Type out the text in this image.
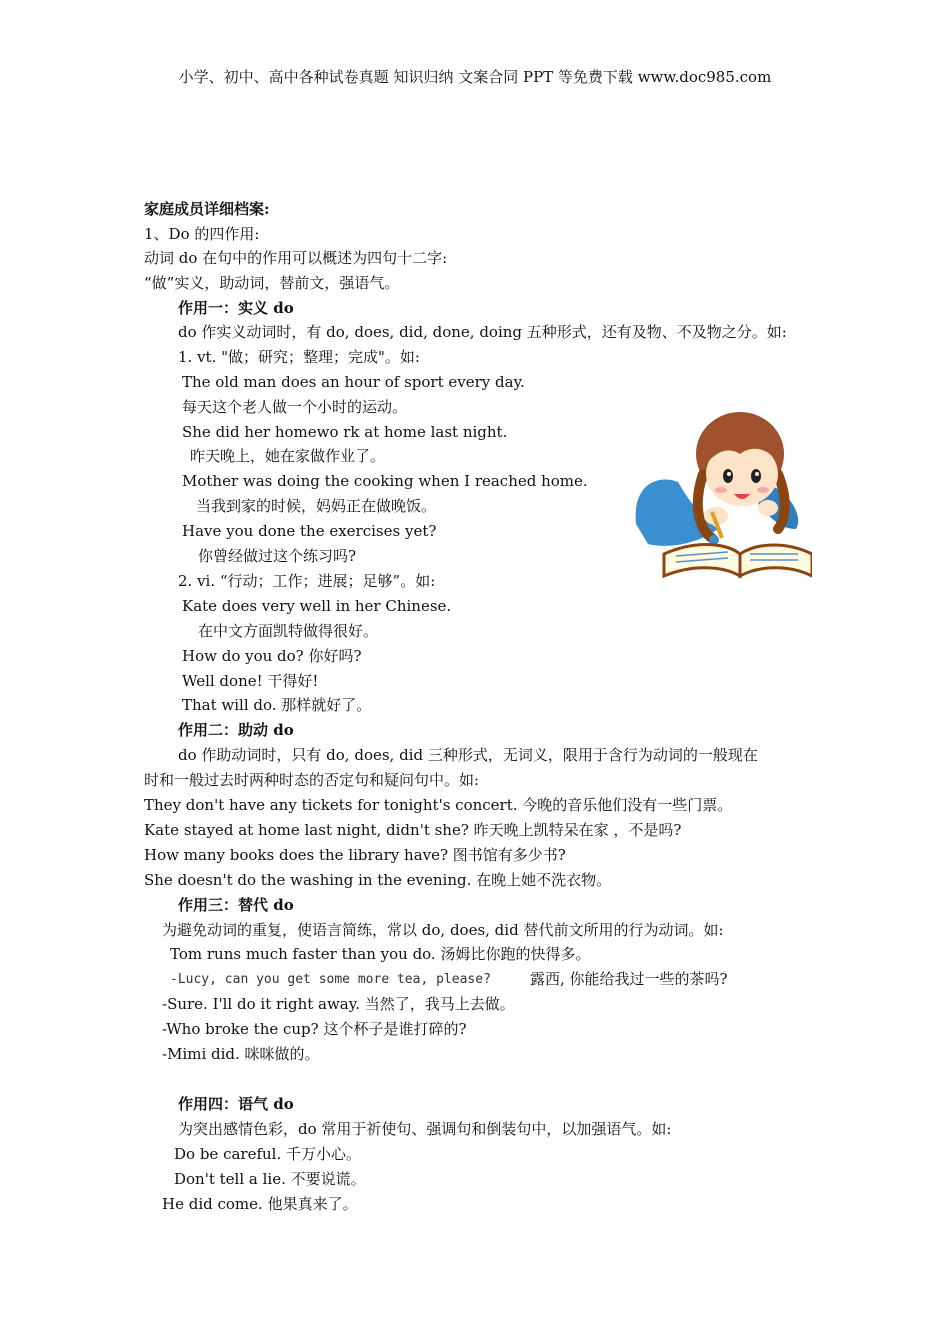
小学、初中、高中各种试卷真题 知识归纳 文案合同 PPT 等免费下载 www.doc985.com
家庭成员详细档案:
1、Do 的四作用:
动词 do 在句中的作用可以概述为四句十二字:
“做”实义，助动词，替前文，强语气。
作用一：实义 do
do 作实义动词时，有 do, does, did, done, doing 五种形式，还有及物、不及物之分。如:
1. vt. "做；研究；整理；完成"。如:
The old man does an hour of sport every day.
每天这个老人做一个小时的运动。
She did her homewo rk at home last night.
昨天晚上，她在家做作业了。
Mother was doing the cooking when I reached home.
当我到家的时候，妈妈正在做晚饭。
Have you done the exercises yet?
你曾经做过这个练习吗?
2. vi. “行动；工作；进展；足够”。如:
Kate does very well in her Chinese.
在中文方面凯特做得很好。
How do you do? 你好吗?
Well done! 干得好!
That will do. 那样就好了。
作用二：助动 do
do 作助动词时，只有 do, does, did 三种形式，无词义，限用于含行为动词的一般现在
时和一般过去时两种时态的否定句和疑问句中。如:
They don't have any tickets for tonight's concert. 今晚的音乐他们没有一些门票。
Kate stayed at home last night, didn't she? 昨天晚上凯特呆在家 ，不是吗?
How many books does the library have? 图书馆有多少书?
She doesn't do the washing in the evening. 在晚上她不洗衣物。
作用三：替代 do
为避免动词的重复，使语言简练，常以 do, does, did 替代前文所用的行为动词。如:
Tom runs much faster than you do. 汤姆比你跑的快得多。
-Lucy, can you get some more tea, please?	露西, 你能给我过一些的茶吗?
-Sure. I'll do it right away. 当然了，我马上去做。
-Who broke the cup? 这个杯子是谁打碎的?
-Mimi did. 咪咪做的。
作用四：语气 do
为突出感情色彩，do 常用于祈使句、强调句和倒装句中，以加强语气。如:
Do be careful. 千万小心。
Don't tell a lie. 不要说谎。
He did come. 他果真来了。
